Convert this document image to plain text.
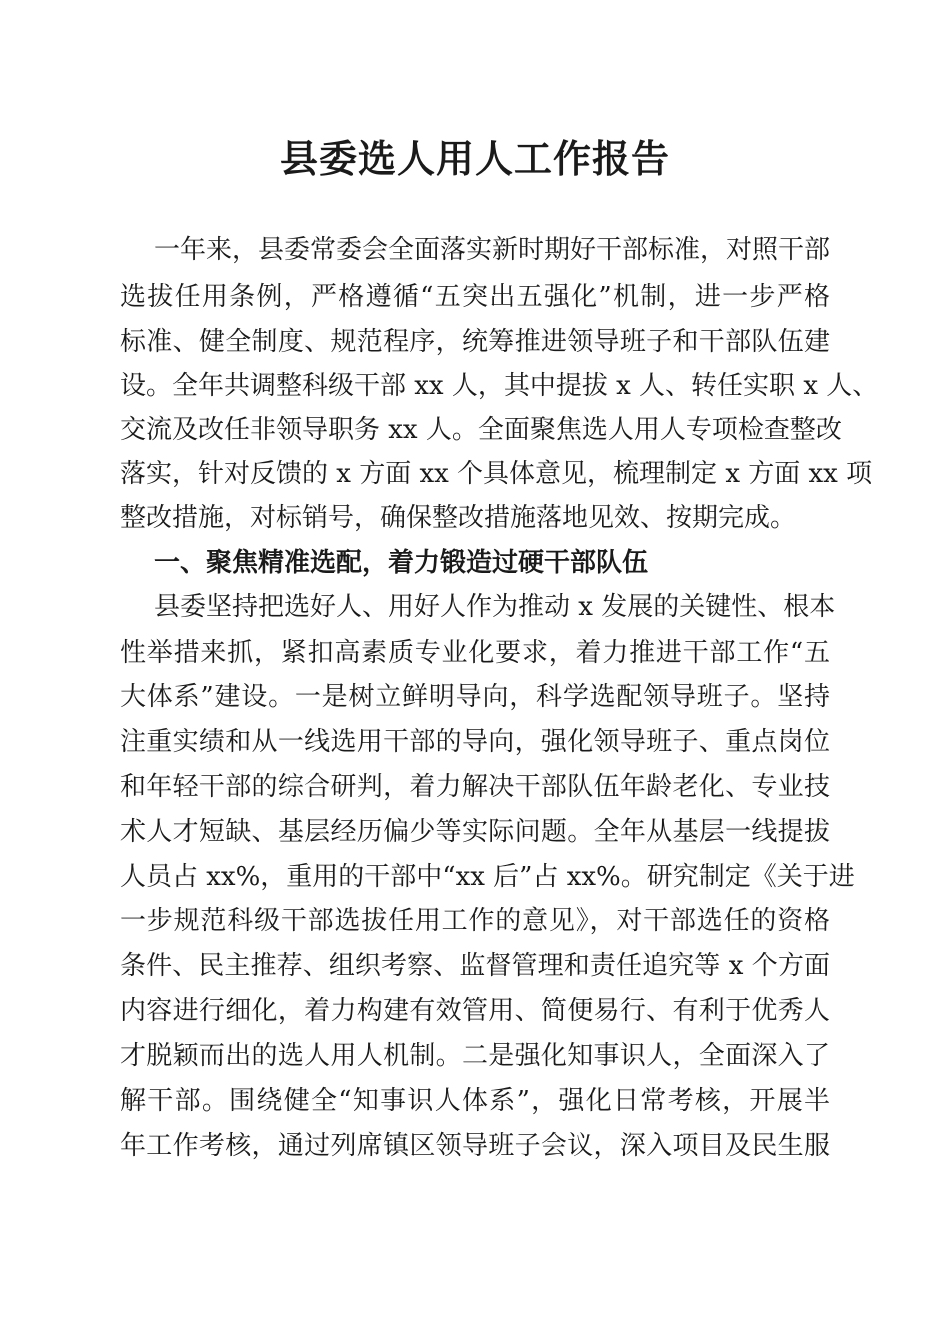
县委选人用人工作报告
一年来，县委常委会全面落实新时期好干部标准，对照干部
选拔任用条例，严格遵循“五突出五强化”机制，进一步严格
标准、健全制度、规范程序，统筹推进领导班子和干部队伍建
设。全年共调整科级干部 xx 人，其中提拔 x 人、转任实职 x 人、
交流及改任非领导职务 xx 人。全面聚焦选人用人专项检查整改
落实，针对反馈的 x 方面 xx 个具体意见，梳理制定 x 方面 xx 项
整改措施，对标销号，确保整改措施落地见效、按期完成。
一、聚焦精准选配，着力锻造过硬干部队伍
县委坚持把选好人、用好人作为推动 x 发展的关键性、根本
性举措来抓，紧扣高素质专业化要求，着力推进干部工作“五
大体系”建设。一是树立鲜明导向，科学选配领导班子。坚持
注重实绩和从一线选用干部的导向，强化领导班子、重点岗位
和年轻干部的综合研判，着力解决干部队伍年龄老化、专业技
术人才短缺、基层经历偏少等实际问题。全年从基层一线提拔
人员占 xx%，重用的干部中“xx 后”占 xx%。研究制定《关于进
一步规范科级干部选拔任用工作的意见》，对干部选任的资格
条件、民主推荐、组织考察、监督管理和责任追究等 x 个方面
内容进行细化，着力构建有效管用、简便易行、有利于优秀人
才脱颖而出的选人用人机制。二是强化知事识人，全面深入了
解干部。围绕健全“知事识人体系”，强化日常考核，开展半
年工作考核，通过列席镇区领导班子会议，深入项目及民生服
